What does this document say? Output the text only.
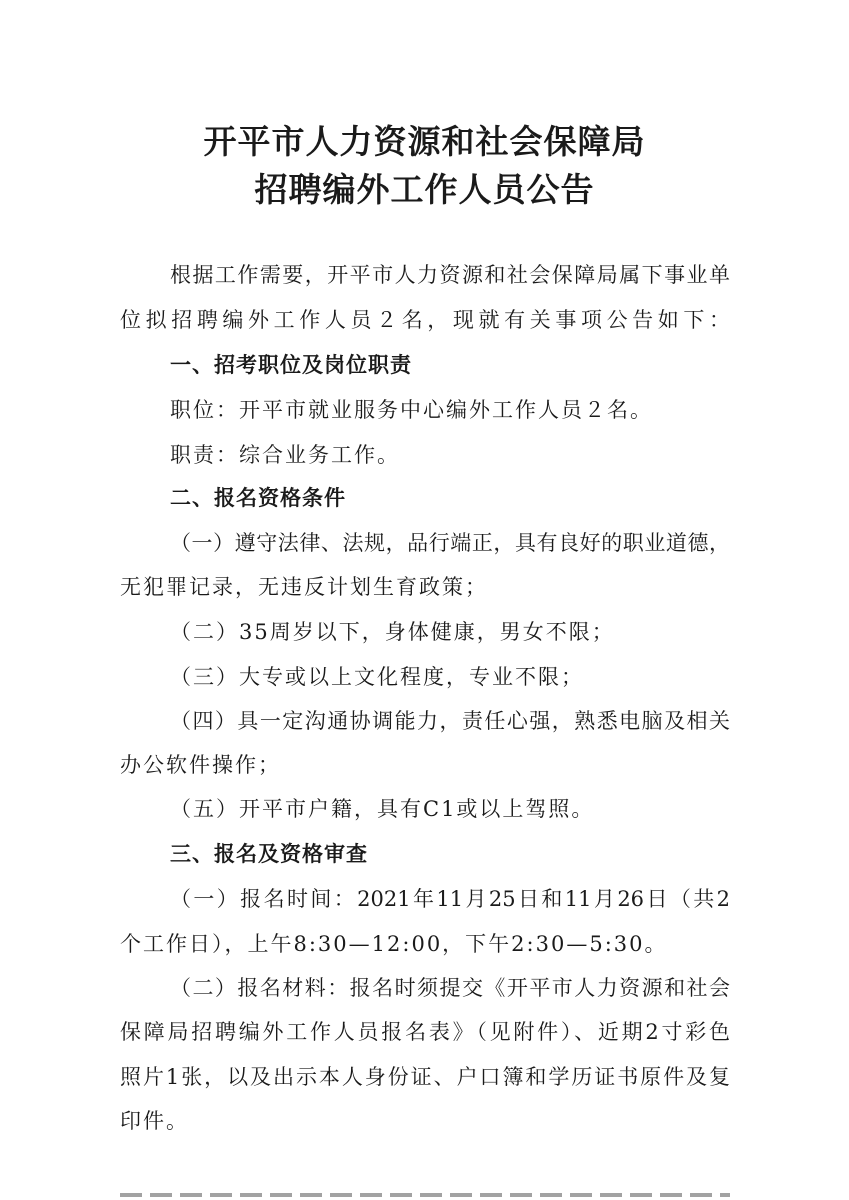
开平市人力资源和社会保障局
招聘编外工作人员公告

根据工作需要，开平市人力资源和社会保障局属下事业单

位拟招聘编外工作人员２名，现就有关事项公告如下：

一、招考职位及岗位职责

职位：开平市就业服务中心编外工作人员２名。

职责：综合业务工作。

二、报名资格条件

（一）遵守法律、法规，品行端正，具有良好的职业道德，

无犯罪记录，无违反计划生育政策；

（二）35周岁以下，身体健康，男女不限；

（三）大专或以上文化程度，专业不限；

（四）具一定沟通协调能力，责任心强，熟悉电脑及相关

办公软件操作；

（五）开平市户籍，具有C1或以上驾照。

三、报名及资格审查

（一）报名时间：2021年11月25日和11月26日（共2

个工作日），上午8:30—12:00，下午2:30—5:30。

（二）报名材料：报名时须提交《开平市人力资源和社会

保障局招聘编外工作人员报名表》（见附件）、近期2寸彩色

照片1张，以及出示本人身份证、户口簿和学历证书原件及复

印件。
